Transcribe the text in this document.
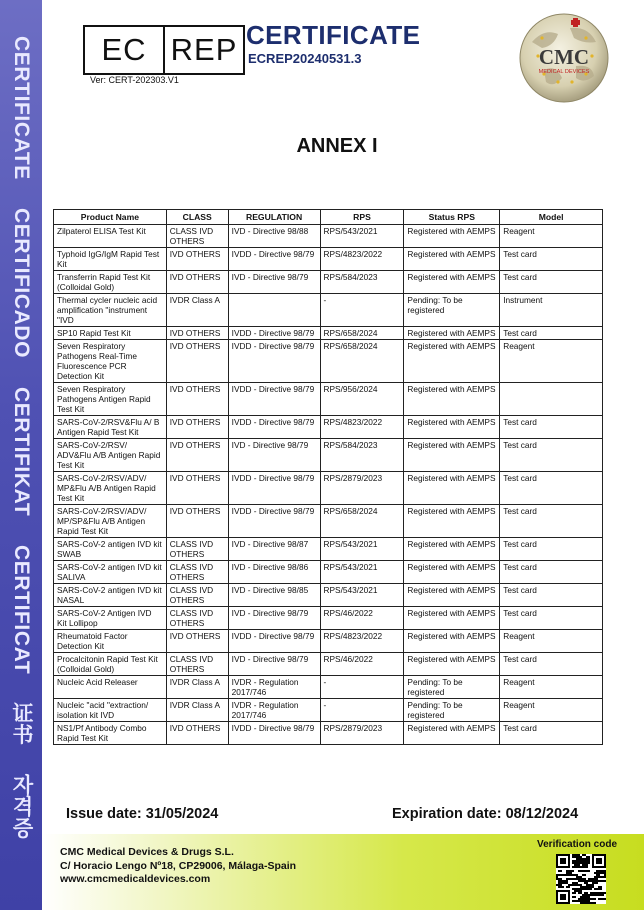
CERTIFICATE CERTIFICADO CERTIFIKAT CERTIFICAT 证书 자격증
EC REP
Ver: CERT-202303.V1
CERTIFICATE
ECREP20240531.3	CMC
MEDICAL DEVICES
ANNEX I
Product Name	CLASS	REGULATION	RPS	Status RPS	Model
Zilpaterol ELISA Test Kit	CLASS IVD OTHERS	IVD - Directive 98/88	RPS/543/2021	Registered with AEMPS	Reagent
Typhoid IgG/IgM Rapid Test Kit	IVD OTHERS	IVDD - Directive 98/79	RPS/4823/2022	Registered with AEMPS	Test card
Transferrin Rapid Test Kit (Colloidal Gold)	IVD OTHERS	IVD - Directive 98/79	RPS/584/2023	Registered with AEMPS	Test card
Thermal cycler nucleic acid amplification "instrument "IVD	IVDR Class A		-	Pending: To be registered	Instrument
SP10 Rapid Test Kit	IVD OTHERS	IVDD - Directive 98/79	RPS/658/2024	Registered with AEMPS	Test card
Seven Respiratory Pathogens Real-Time Fluorescence PCR Detection Kit	IVD OTHERS	IVDD - Directive 98/79	RPS/658/2024	Registered with AEMPS	Reagent
Seven Respiratory Pathogens Antigen Rapid Test Kit	IVD OTHERS	IVDD - Directive 98/79	RPS/956/2024	Registered with AEMPS	
SARS-CoV-2/RSV&Flu A/ B Antigen Rapid Test Kit	IVD OTHERS	IVDD - Directive 98/79	RPS/4823/2022	Registered with AEMPS	Test card
SARS-CoV-2/RSV/ ADV&Flu A/B Antigen Rapid Test Kit	IVD OTHERS	IVD - Directive 98/79	RPS/584/2023	Registered with AEMPS	Test card
SARS-CoV-2/RSV/ADV/ MP&Flu A/B Antigen Rapid Test Kit	IVD OTHERS	IVDD - Directive 98/79	RPS/2879/2023	Registered with AEMPS	Test card
SARS-CoV-2/RSV/ADV/ MP/SP&Flu A/B Antigen Rapid Test Kit	IVD OTHERS	IVDD - Directive 98/79	RPS/658/2024	Registered with AEMPS	Test card
SARS-CoV-2 antigen IVD kit SWAB	CLASS IVD OTHERS	IVD - Directive 98/87	RPS/543/2021	Registered with AEMPS	Test card
SARS-CoV-2 antigen IVD kit SALIVA	CLASS IVD OTHERS	IVD - Directive 98/86	RPS/543/2021	Registered with AEMPS	Test card
SARS-CoV-2 antigen IVD kit NASAL	CLASS IVD OTHERS	IVD - Directive 98/85	RPS/543/2021	Registered with AEMPS	Test card
SARS-CoV-2 Antigen IVD Kit Lollipop	CLASS IVD OTHERS	IVD - Directive 98/79	RPS/46/2022	Registered with AEMPS	Test card
Rheumatoid Factor Detection Kit	IVD OTHERS	IVDD - Directive 98/79	RPS/4823/2022	Registered with AEMPS	Reagent
Procalcitonin Rapid Test Kit (Colloidal Gold)	CLASS IVD OTHERS	IVD - Directive 98/79	RPS/46/2022	Registered with AEMPS	Test card
Nucleic Acid Releaser	IVDR Class A	IVDR - Regulation 2017/746	-	Pending: To be registered	Reagent
Nucleic "acid "extraction/ isolation kit IVD	IVDR Class A	IVDR - Regulation 2017/746	-	Pending: To be registered	Reagent
NS1/Pf Antibody Combo Rapid Test Kit	IVD OTHERS	IVDD - Directive 98/79	RPS/2879/2023	Registered with AEMPS	Test card
Issue date: 31/05/2024	Expiration date: 08/12/2024
CMC Medical Devices & Drugs S.L.
C/ Horacio Lengo Nº18, CP29006, Málaga-Spain
www.cmcmedicaldevices.com
Verification code
